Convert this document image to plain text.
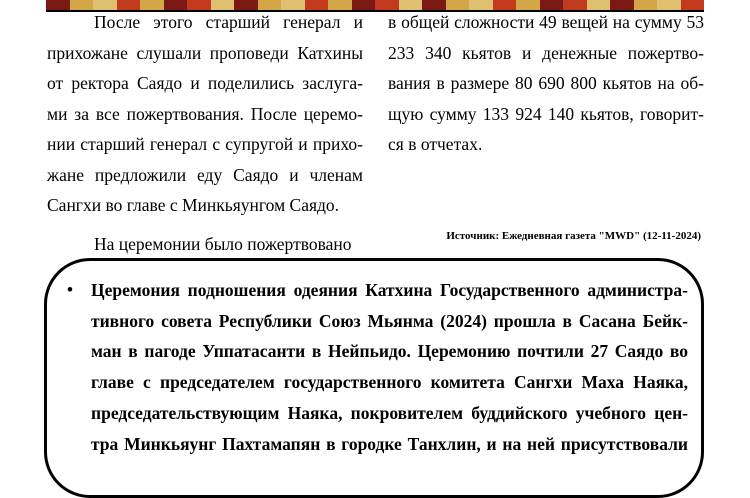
После этого старший генерал и прихожане слушали проповеди Катхины от ректора Саядо и поделились заслуга- ми за все пожертвования. После церемо- нии старший генерал с супругой и прихо- жане предложили еду Саядо и членам Сангхи во главе с Минкьяунгом Саядо.

На церемонии было пожертвовано

в общей сложности 49 вещей на сумму 53 233 340 кьятов и денежные пожертво- вания в размере 80 690 800 кьятов на об- щую сумму 133 924 140 кьятов, говорит- ся в отчетах.

Источник: Ежедневная газета "MWD" (12-11-2024)
• Церемония подношения одеяния Катхина Государственного администра- тивного совета Республики Союз Мьянма (2024) прошла в Сасана Бейк- ман в пагоде Уппатасанти в Нейпьидо. Церемонию почтили 27 Саядо во главе с председателем государственного комитета Сангхи Маха Наяка, председательствующим Наяка, покровителем буддийского учебного цен- тра Минкьяунг Пахтамапян в городке Танхлин, и на ней присутствовали
